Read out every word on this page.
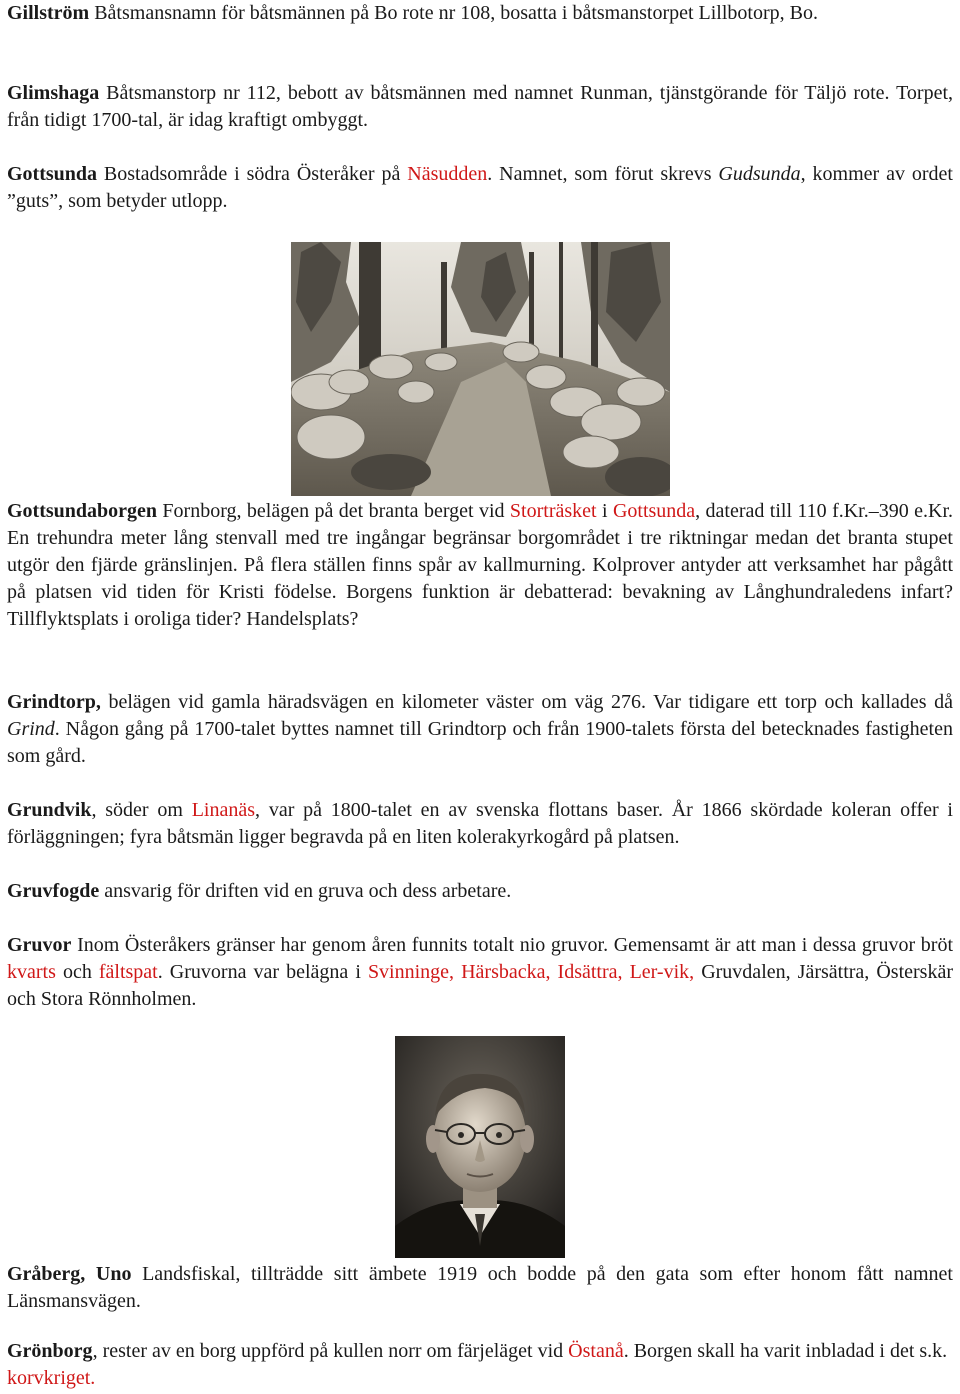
Gillström Båtsmansnamn för båtsmännen på Bo rote nr 108, bosatta i båtsmanstorpet Lillbotorp, Bo.

Glimshaga Båtsmanstorp nr 112, bebott av båtsmännen med namnet Runman, tjänstgörande för Täljö rote. Torpet, från tidigt 1700-tal, är idag kraftigt ombyggt.

Gottsunda Bostadsområde i södra Österåker på Näsudden. Namnet, som förut skrevs Gudsunda, kommer av ordet ”guts”, som betyder utlopp.

Gottsundaborgen Fornborg, belägen på det branta berget vid Storträsket i Gottsunda, daterad till 110 f.Kr.–390 e.Kr. En trehundra meter lång stenvall med tre ingångar begränsar borgområdet i tre riktningar medan det branta stupet utgör den fjärde gränslinjen. På flera ställen finns spår av kallmurning. Kolprover antyder att verksamhet har pågått på platsen vid tiden för Kristi födelse. Borgens funktion är debatterad: bevakning av Långhundraledens infart? Tillflyktsplats i oroliga tider? Handelsplats?

Grindtorp, belägen vid gamla häradsvägen en kilometer väster om väg 276. Var tidigare ett torp och kallades då Grind. Någon gång på 1700-talet byttes namnet till Grindtorp och från 1900-talets första del betecknades fastigheten som gård.

Grundvik, söder om Linanäs, var på 1800-talet en av svenska flottans baser. År 1866 skördade koleran offer i förläggningen; fyra båtsmän ligger begravda på en liten kolerakyrkogård på platsen.

Gruvfogde ansvarig för driften vid en gruva och dess arbetare.

Gruvor Inom Österåkers gränser har genom åren funnits totalt nio gruvor. Gemensamt är att man i dessa gruvor bröt kvarts och fältspat. Gruvorna var belägna i Svinninge, Härsbacka, Idsättra, Ler-vik, Gruvdalen, Järsättra, Österskär och Stora Rönnholmen.

Gråberg, Uno Landsfiskal, tillträdde sitt ämbete 1919 och bodde på den gata som efter honom fått namnet Länsmansvägen.

Grönborg, rester av en borg uppförd på kullen norr om färjeläget vid Östanå. Borgen skall ha varit inbladad i det s.k. korvkriget.
